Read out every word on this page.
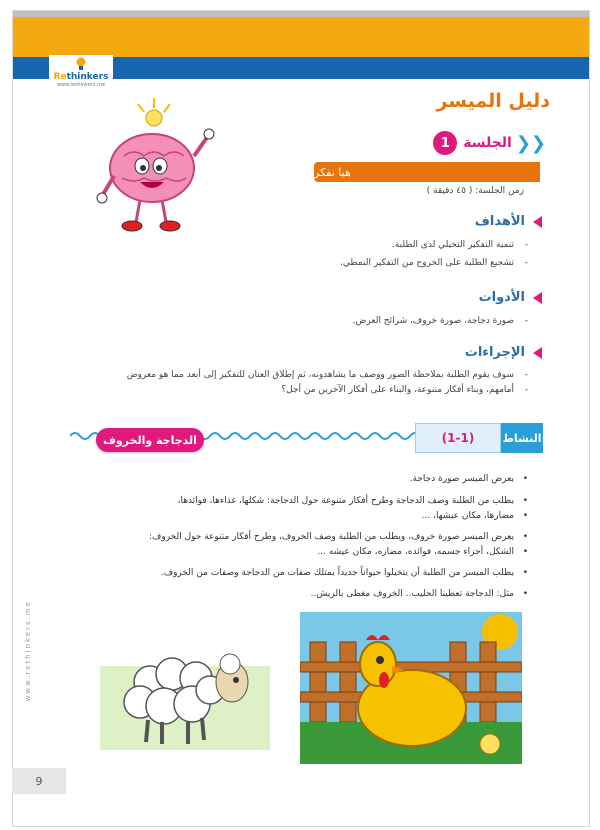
Rethinkers
www.rethinkers.me
دليل الميسر
❮❮
الجلسة
1
هيا نفكر
زمن الجلسة: ( ٤٥ دقيقة )
الأهداف
- تنمية التفكير التخيلي لدى الطلبة.
- تشجيع الطلبة على الخروج من التفكير النمطي.
الأدوات
- صورة دجاجة، صورة خروف، شرائح العرض.
الإجراءات
- سوف يقوم الطلبة بملاحظة الصور ووصف ما يشاهدونه، ثم إطلاق العنان للتفكير إلى أبعد مما هو معروض
- أمامهم، وبناء أفكار متنوعة، والبناء على أفكار الآخرين من أجل؟
الدجاجة والخروف	النشاط
(1-1)
• يعرض الميسر صورة دجاجة.
• يطلب من الطلبة وصف الدجاجة وطرح أفكار متنوعة حول الدجاجة: شكلها، غذاءها، فوائدها،
• مضارها، مكان عيشها، ...
• يعرض الميسر صورة خروف، ويطلب من الطلبة وصف الخروف، وطرح أفكار متنوعة حول الخروف:
• الشكل، أجزاء جسمه، فوائده، مضاره، مكان عيشه ...
• يطلب الميسر من الطلبة أن يتخيلوا حيواناً جديداً يمتلك صفات من الدجاجة وصفات من الخروف.
• مثل: الدجاجة تعطينا الحليب.. الخروف مغطى بالريش..
www.rethinkers.me
9
